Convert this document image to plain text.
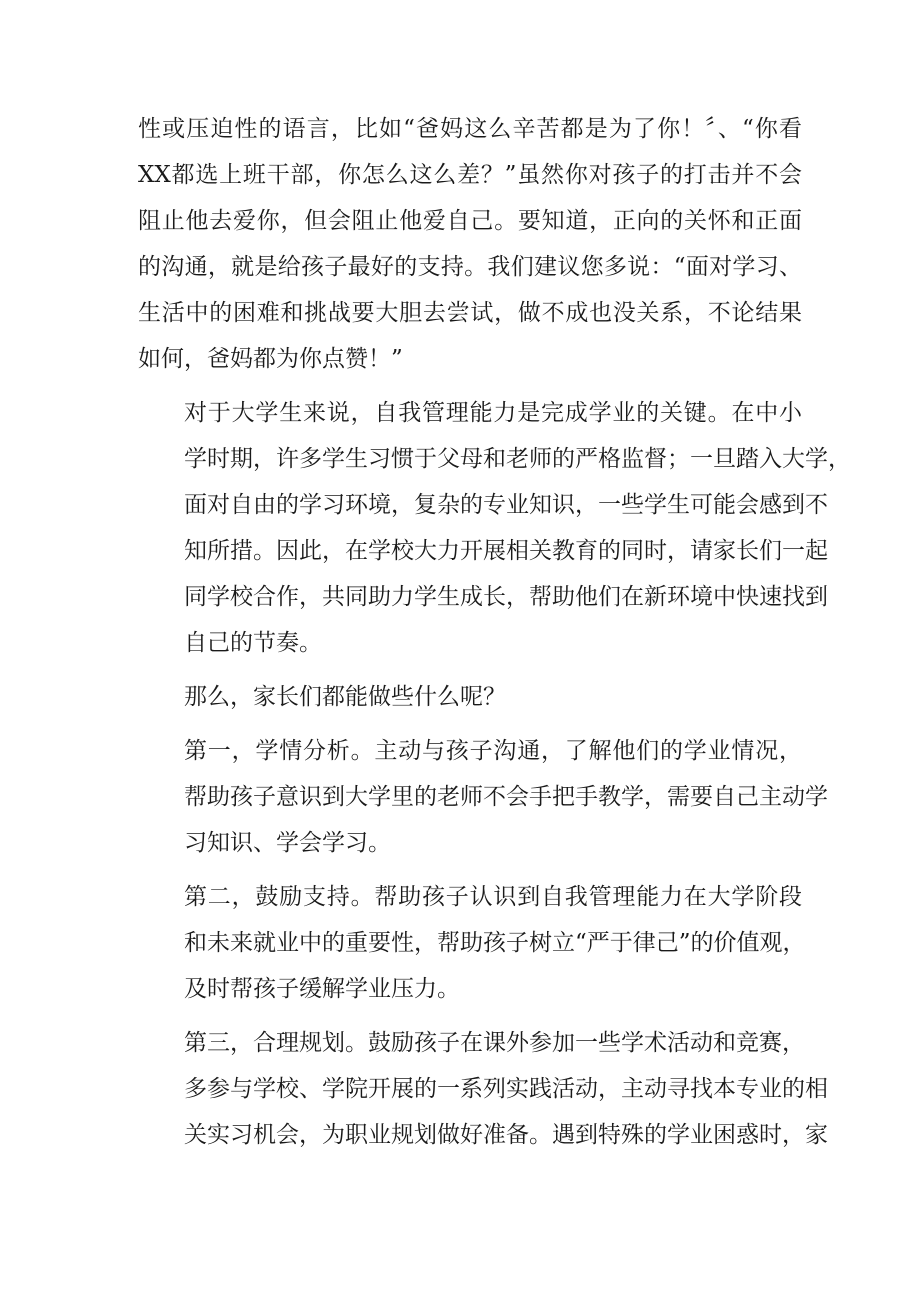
性或压迫性的语言，比如“爸妈这么辛苦都是为了你！〞、“你看
XX都选上班干部，你怎么这么差？”虽然你对孩子的打击并不会
阻止他去爱你，但会阻止他爱自己。要知道，正向的关怀和正面
的沟通，就是给孩子最好的支持。我们建议您多说：“面对学习、
生活中的困难和挑战要大胆去尝试，做不成也没关系，不论结果
如何，爸妈都为你点赞！”

对于大学生来说，自我管理能力是完成学业的关键。在中小
学时期，许多学生习惯于父母和老师的严格监督；一旦踏入大学，
面对自由的学习环境，复杂的专业知识，一些学生可能会感到不
知所措。因此，在学校大力开展相关教育的同时，请家长们一起
同学校合作，共同助力学生成长，帮助他们在新环境中快速找到
自己的节奏。

那么，家长们都能做些什么呢？

第一，学情分析。主动与孩子沟通，了解他们的学业情况，
帮助孩子意识到大学里的老师不会手把手教学，需要自己主动学
习知识、学会学习。

第二，鼓励支持。帮助孩子认识到自我管理能力在大学阶段
和未来就业中的重要性，帮助孩子树立“严于律己”的价值观，
及时帮孩子缓解学业压力。

第三，合理规划。鼓励孩子在课外参加一些学术活动和竞赛，
多参与学校、学院开展的一系列实践活动，主动寻找本专业的相
关实习机会，为职业规划做好准备。遇到特殊的学业困惑时，家
